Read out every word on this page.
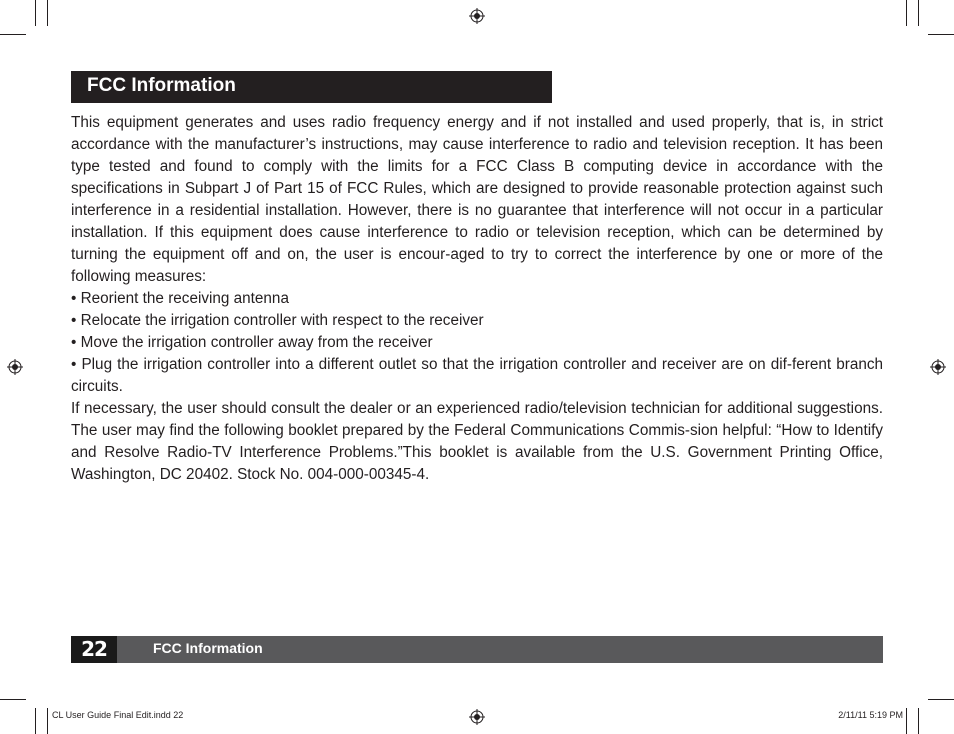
FCC Information

This equipment generates and uses radio frequency energy and if not installed and used properly, that is, in strict accordance with the manufacturer’s instructions, may cause interference to radio and television reception. It has been type tested and found to comply with the limits for a FCC Class B computing device in accordance with the specifications in Subpart J of Part 15 of FCC Rules, which are designed to provide reasonable protection against such interference in a residential installation. However, there is no guarantee that interference will not occur in a particular installation. If this equipment does cause interference to radio or television reception, which can be determined by turning the equipment off and on, the user is encour-aged to try to correct the interference by one or more of the following measures:

• Reorient the receiving antenna

• Relocate the irrigation controller with respect to the receiver

• Move the irrigation controller away from the receiver

• Plug the irrigation controller into a different outlet so that the irrigation controller and receiver are on dif-ferent branch circuits.

If necessary, the user should consult the dealer or an experienced radio/television technician for additional suggestions. The user may find the following booklet prepared by the Federal Communications Commis-sion helpful: “How to Identify and Resolve Radio-TV Interference Problems.”This booklet is available from the U.S. Government Printing Office, Washington, DC 20402. Stock No. 004-000-00345-4.

22	FCC Information
CL User Guide Final Edit.indd 22	2/11/11 5:19 PM
